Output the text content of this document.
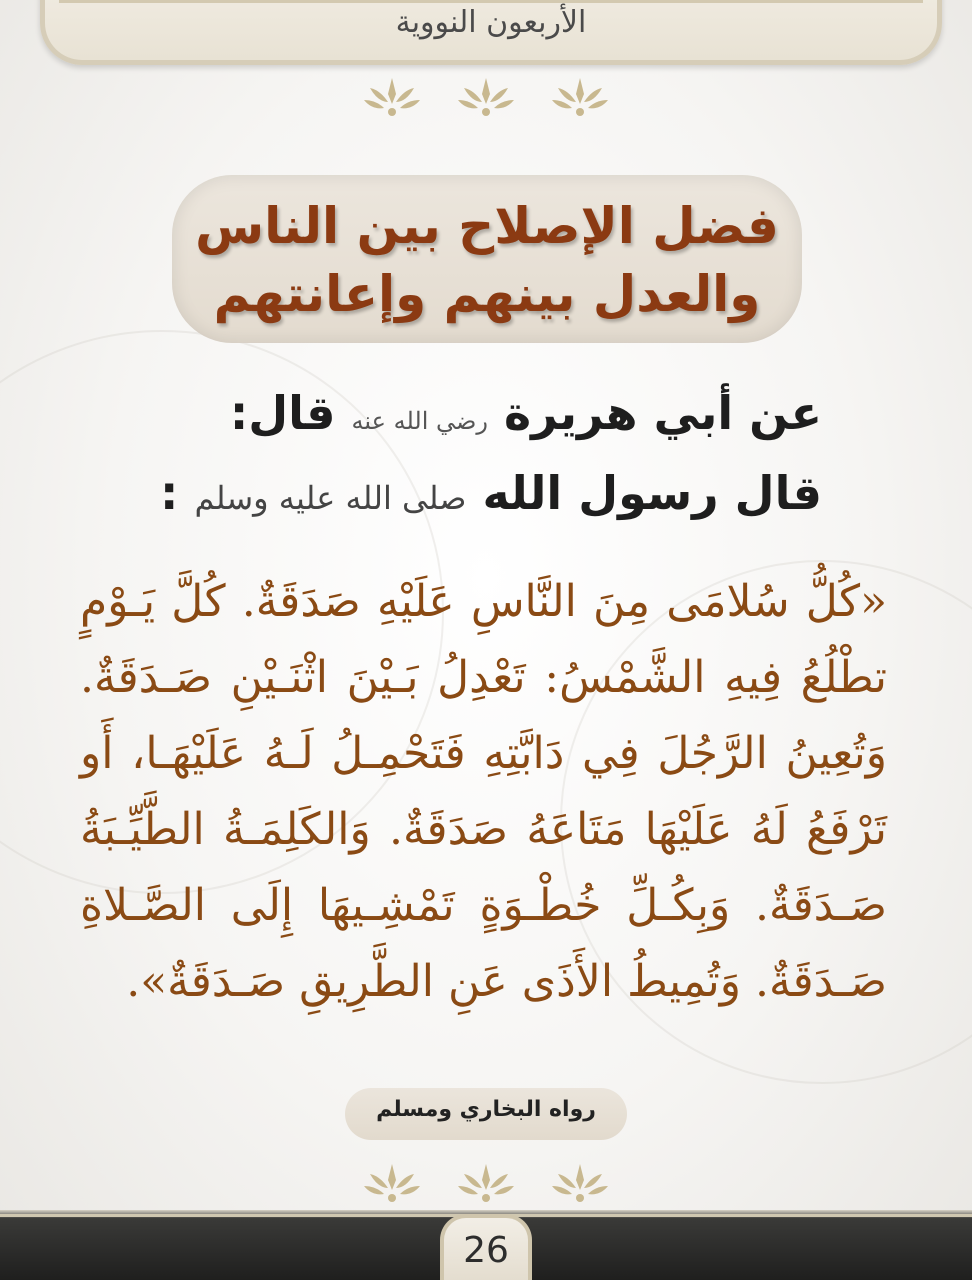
الأربعون النووية
فضل الإصلاح بين الناس
والعدل بينهم وإعانتهم
عن أبي هريرة رضي الله عنه قال:
قال رسول الله صلى الله عليه وسلم :
«كُلُّ سُلامَى مِنَ النَّاسِ عَلَيْهِ صَدَقَةٌ. كُلَّ يَـوْمٍ
تطْلُعُ فِيهِ الشَّمْسُ: تَعْدِلُ بَـيْنَ اثْنَـيْنِ صَـدَقَةٌ.
وَتُعِينُ الرَّجُلَ فِي دَابَّتِهِ فَتَحْمِـلُ لَـهُ عَلَيْهَـا، أَو
تَرْفَعُ لَهُ عَلَيْهَا مَتَاعَهُ صَدَقَةٌ. وَالكَلِمَـةُ الطَّيِّـبَةُ
صَـدَقَةٌ. وَبِكُـلِّ خُطْـوَةٍ تَمْشِـيهَا إِلَى الصَّـلاةِ
صَـدَقَةٌ. وَتُمِيطُ الأَذَى عَنِ الطَّرِيقِ صَـدَقَةٌ».
رواه البخاري ومسلم
26
